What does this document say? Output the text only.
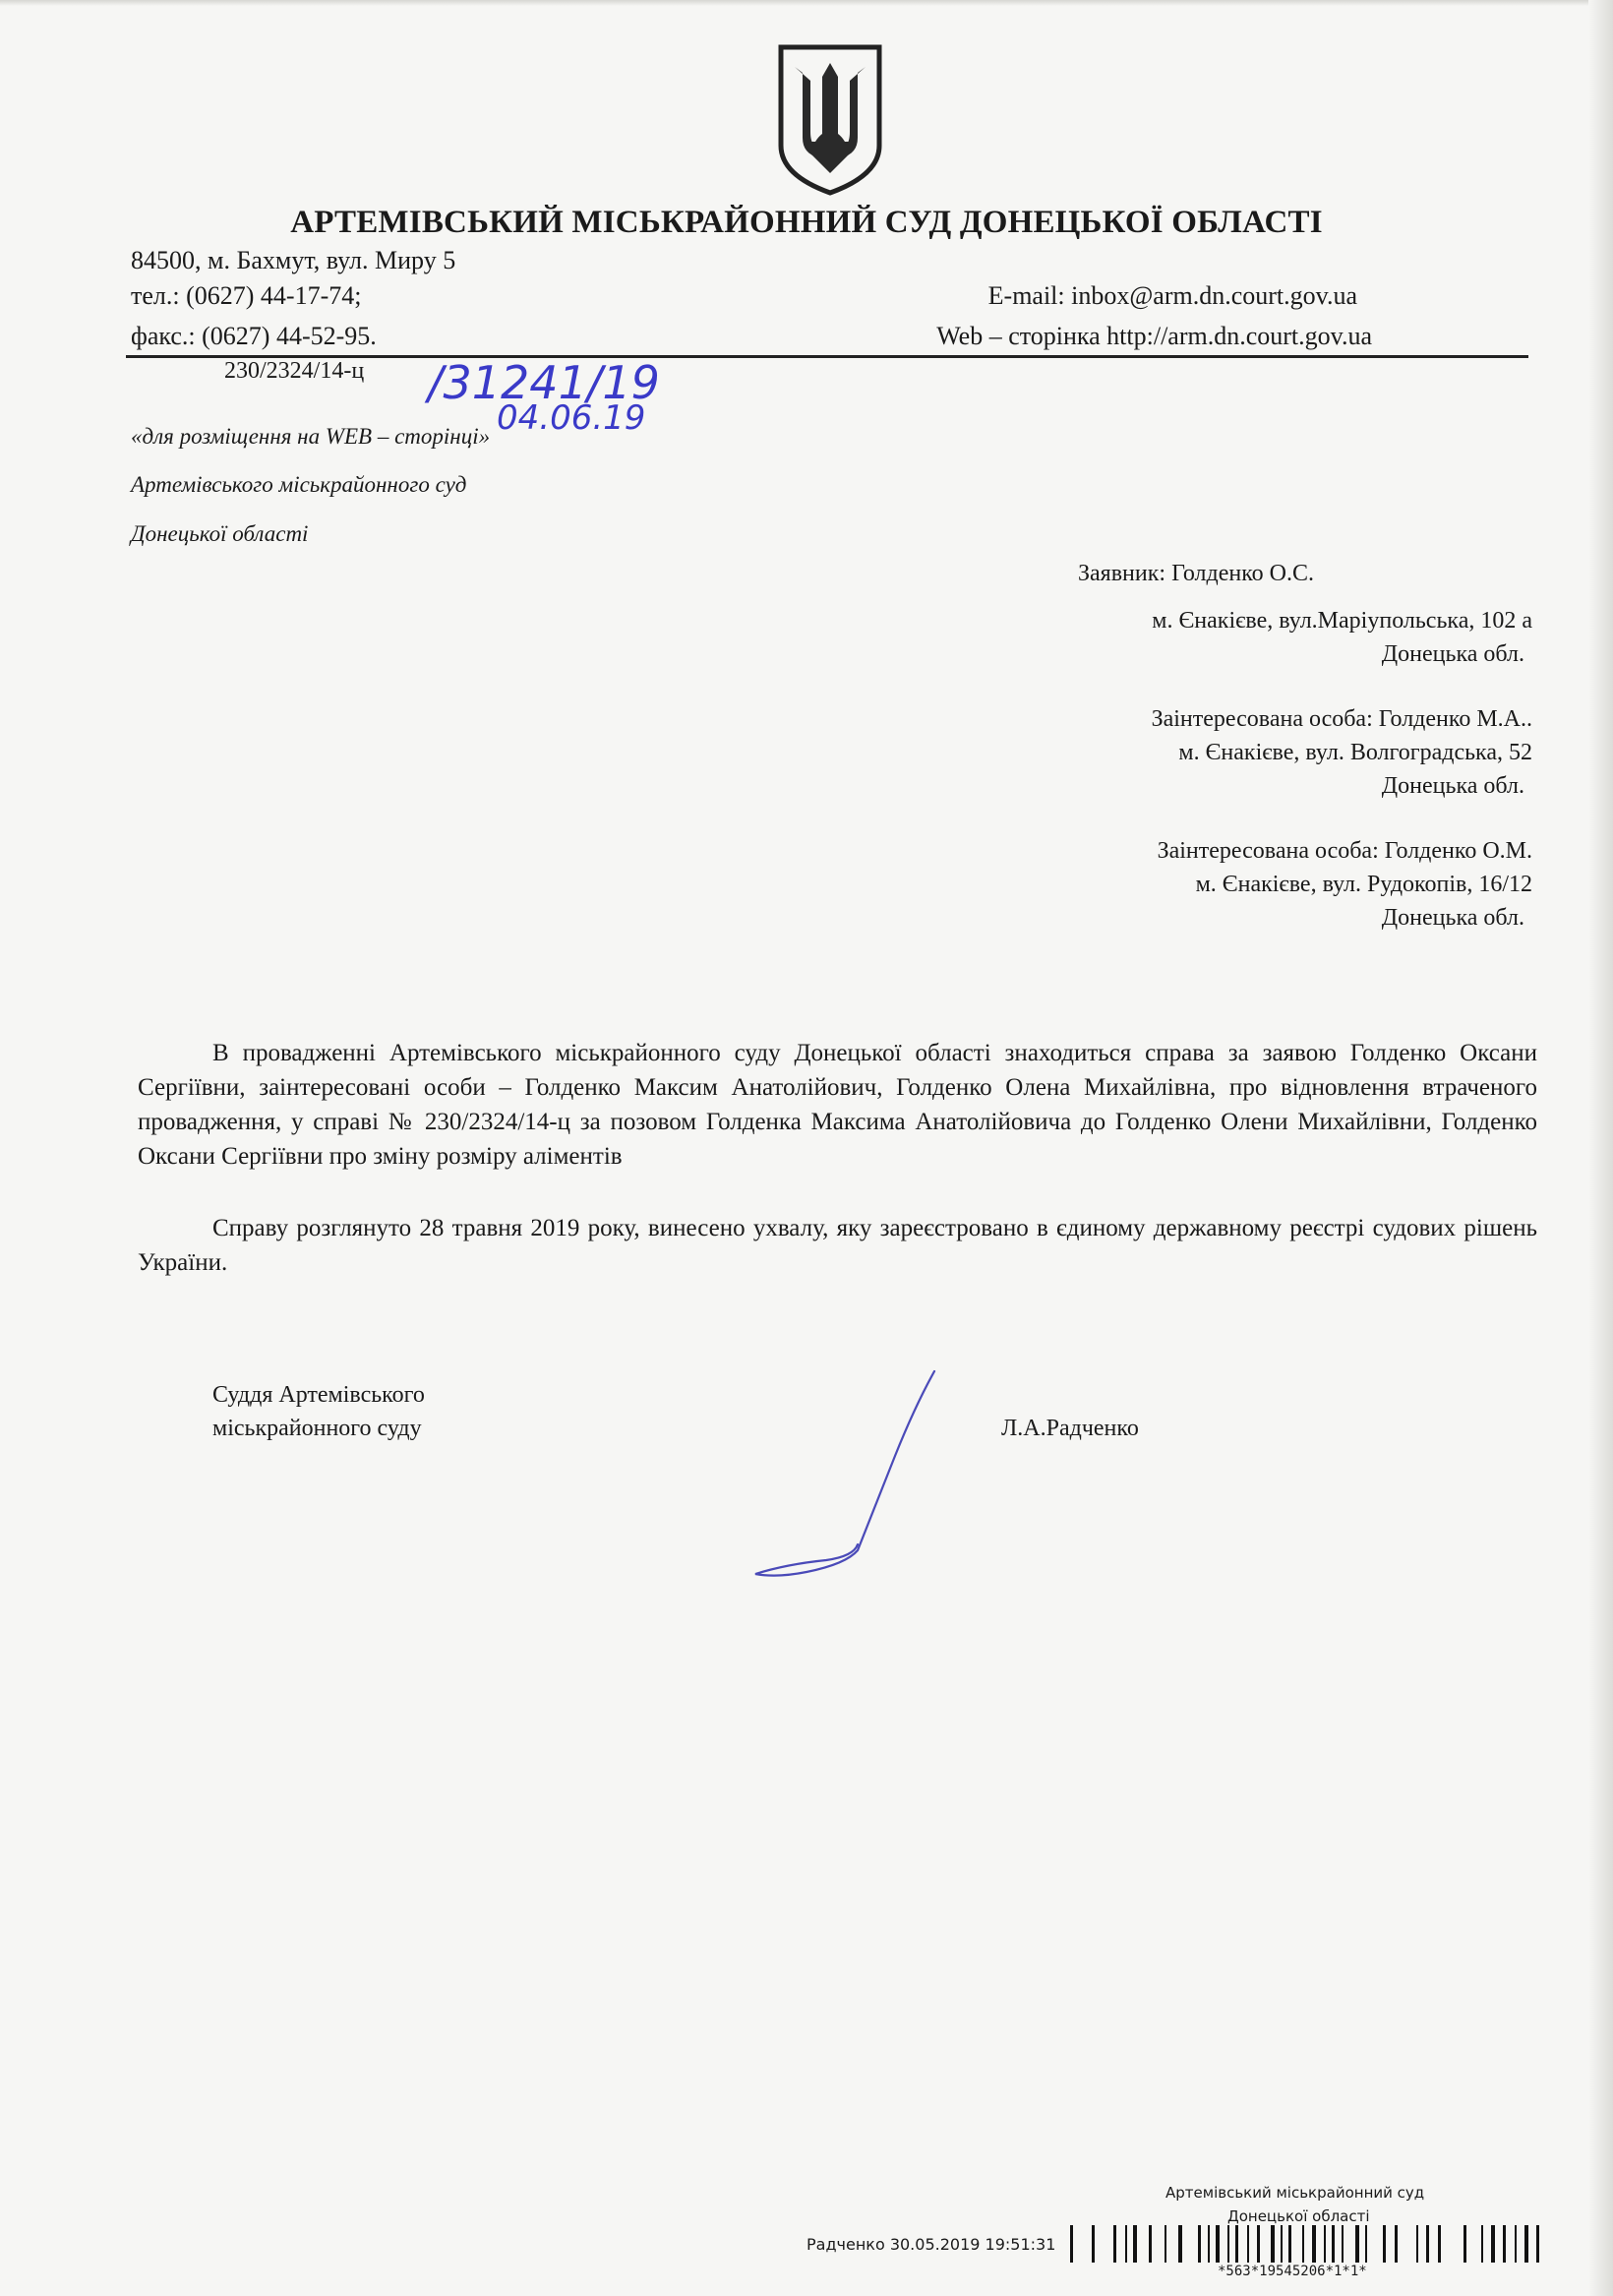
АРТЕМІВСЬКИЙ МІСЬКРАЙОННИЙ СУД ДОНЕЦЬКОЇ ОБЛАСТІ
84500, м. Бахмут, вул. Миру 5
тел.: (0627) 44-17-74;	E-mail: inbox@arm.dn.court.gov.ua
факс.: (0627) 44-52-95.	Web – сторінка http://arm.dn.court.gov.ua
230/2324/14-ц /31241/19
04.06.19
«для розміщення на WEB – сторінці»
Артемівського міськрайонного суд
Донецької області
Заявник: Голденко О.С.
м. Єнакієве, вул.Маріупольська, 102 а
Донецька обл.
Заінтересована особа: Голденко М.А..
м. Єнакієве, вул. Волгоградська, 52
Донецька обл.
Заінтересована особа: Голденко О.М.
м. Єнакієве, вул. Рудокопів, 16/12
Донецька обл.
В провадженні Артемівського міськрайонного суду Донецької області знаходиться справа за заявою Голденко Оксани Сергіївни, заінтересовані особи – Голденко Максим Анатолійович, Голденко Олена Михайлівна, про відновлення втраченого провадження, у справі № 230/2324/14-ц за позовом Голденка Максима Анатолійовича до Голденко Олени Михайлівни, Голденко Оксани Сергіївни про зміну розміру аліментів
Справу розглянуто 28 травня 2019 року, винесено ухвалу, яку зареєстровано в єдиному державному реєстрі судових рішень України.
Суддя Артемівського
міськрайонного суду	Л.А.Радченко
Артемівський міськрайонний суд
Донецької області
Радченко 30.05.2019 19:51:31
*563*19545206*1*1*
